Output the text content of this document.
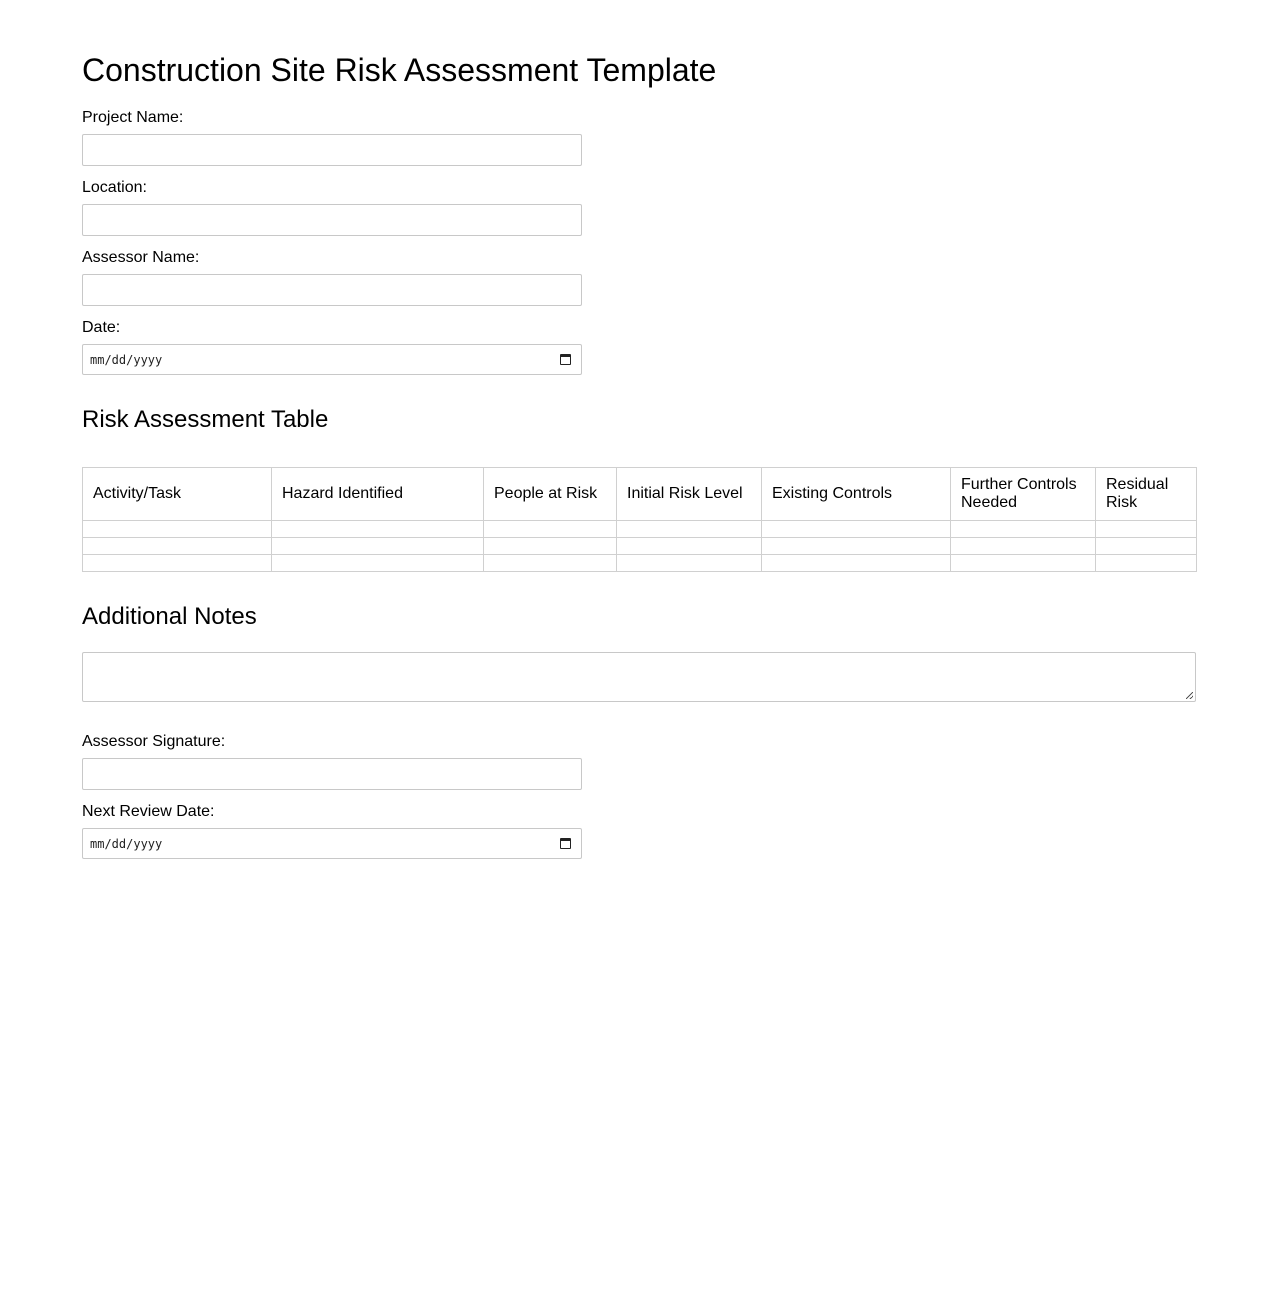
Construction Site Risk Assessment Template
Project Name:
Location:
Assessor Name:
Date:
mm/dd/yyyy
Risk Assessment Table
Activity/Task	Hazard Identified	People at Risk	Initial Risk Level	Existing Controls	Further Controls Needed	Residual Risk

Additional Notes
Assessor Signature:
Next Review Date:
mm/dd/yyyy
